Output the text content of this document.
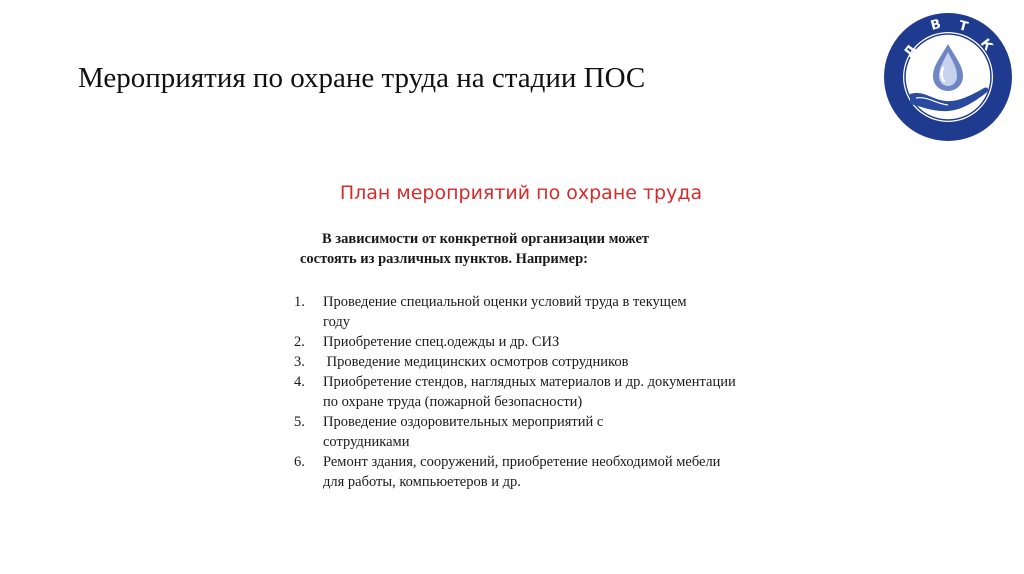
Мероприятия по охране труда на стадии ПОС
Д
В Т
К
План мероприятий по охране труда
В зависимости от конкретной организации может
состоять из различных пунктов. Например:
1. Проведение специальной оценки условий труда в текущем году
2. Приобретение спец.одежды и др. СИЗ
3. Проведение медицинских осмотров сотрудников
4. Приобретение стендов, наглядных материалов и др. документации по охране труда (пожарной безопасности)
5. Проведение оздоровительных мероприятий с сотрудниками
6. Ремонт здания, сооружений, приобретение необходимой мебели для работы, компьюетеров и др.
